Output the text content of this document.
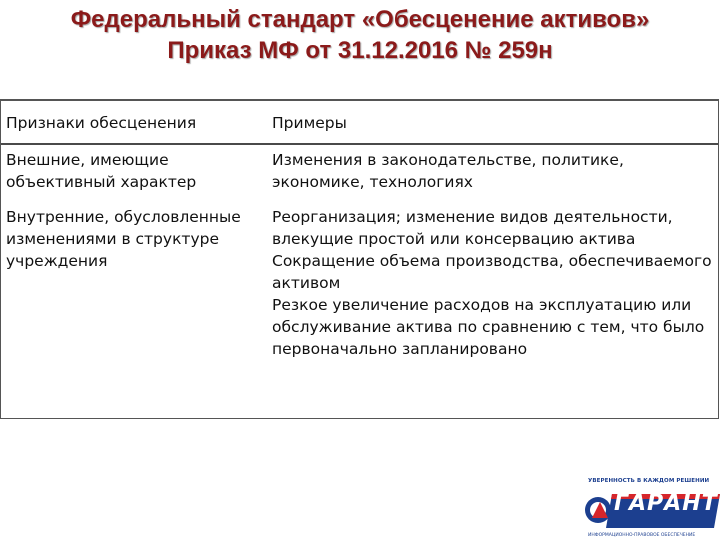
Федеральный стандарт «Обесценение активов»
Приказ МФ от 31.12.2016 № 259н
Признаки обесценения	Примеры
Внешние, имеющие объективный характер
Изменения в законодательстве, политике, экономике, технологиях
Внутренние, обусловленные изменениями в структуре учреждения

Реорганизация; изменение видов деятельности, влекущие простой или консервацию актива

Сокращение объема производства, обеспечиваемого активом

Резкое увеличение расходов на эксплуатацию или обслуживание актива по сравнению с тем, что было первоначально запланировано

УВЕРЕННОСТЬ В КАЖДОМ РЕШЕНИИ
ГАРАНТ
ИНФОРМАЦИОННО-ПРАВОВОЕ ОБЕСПЕЧЕНИЕ
